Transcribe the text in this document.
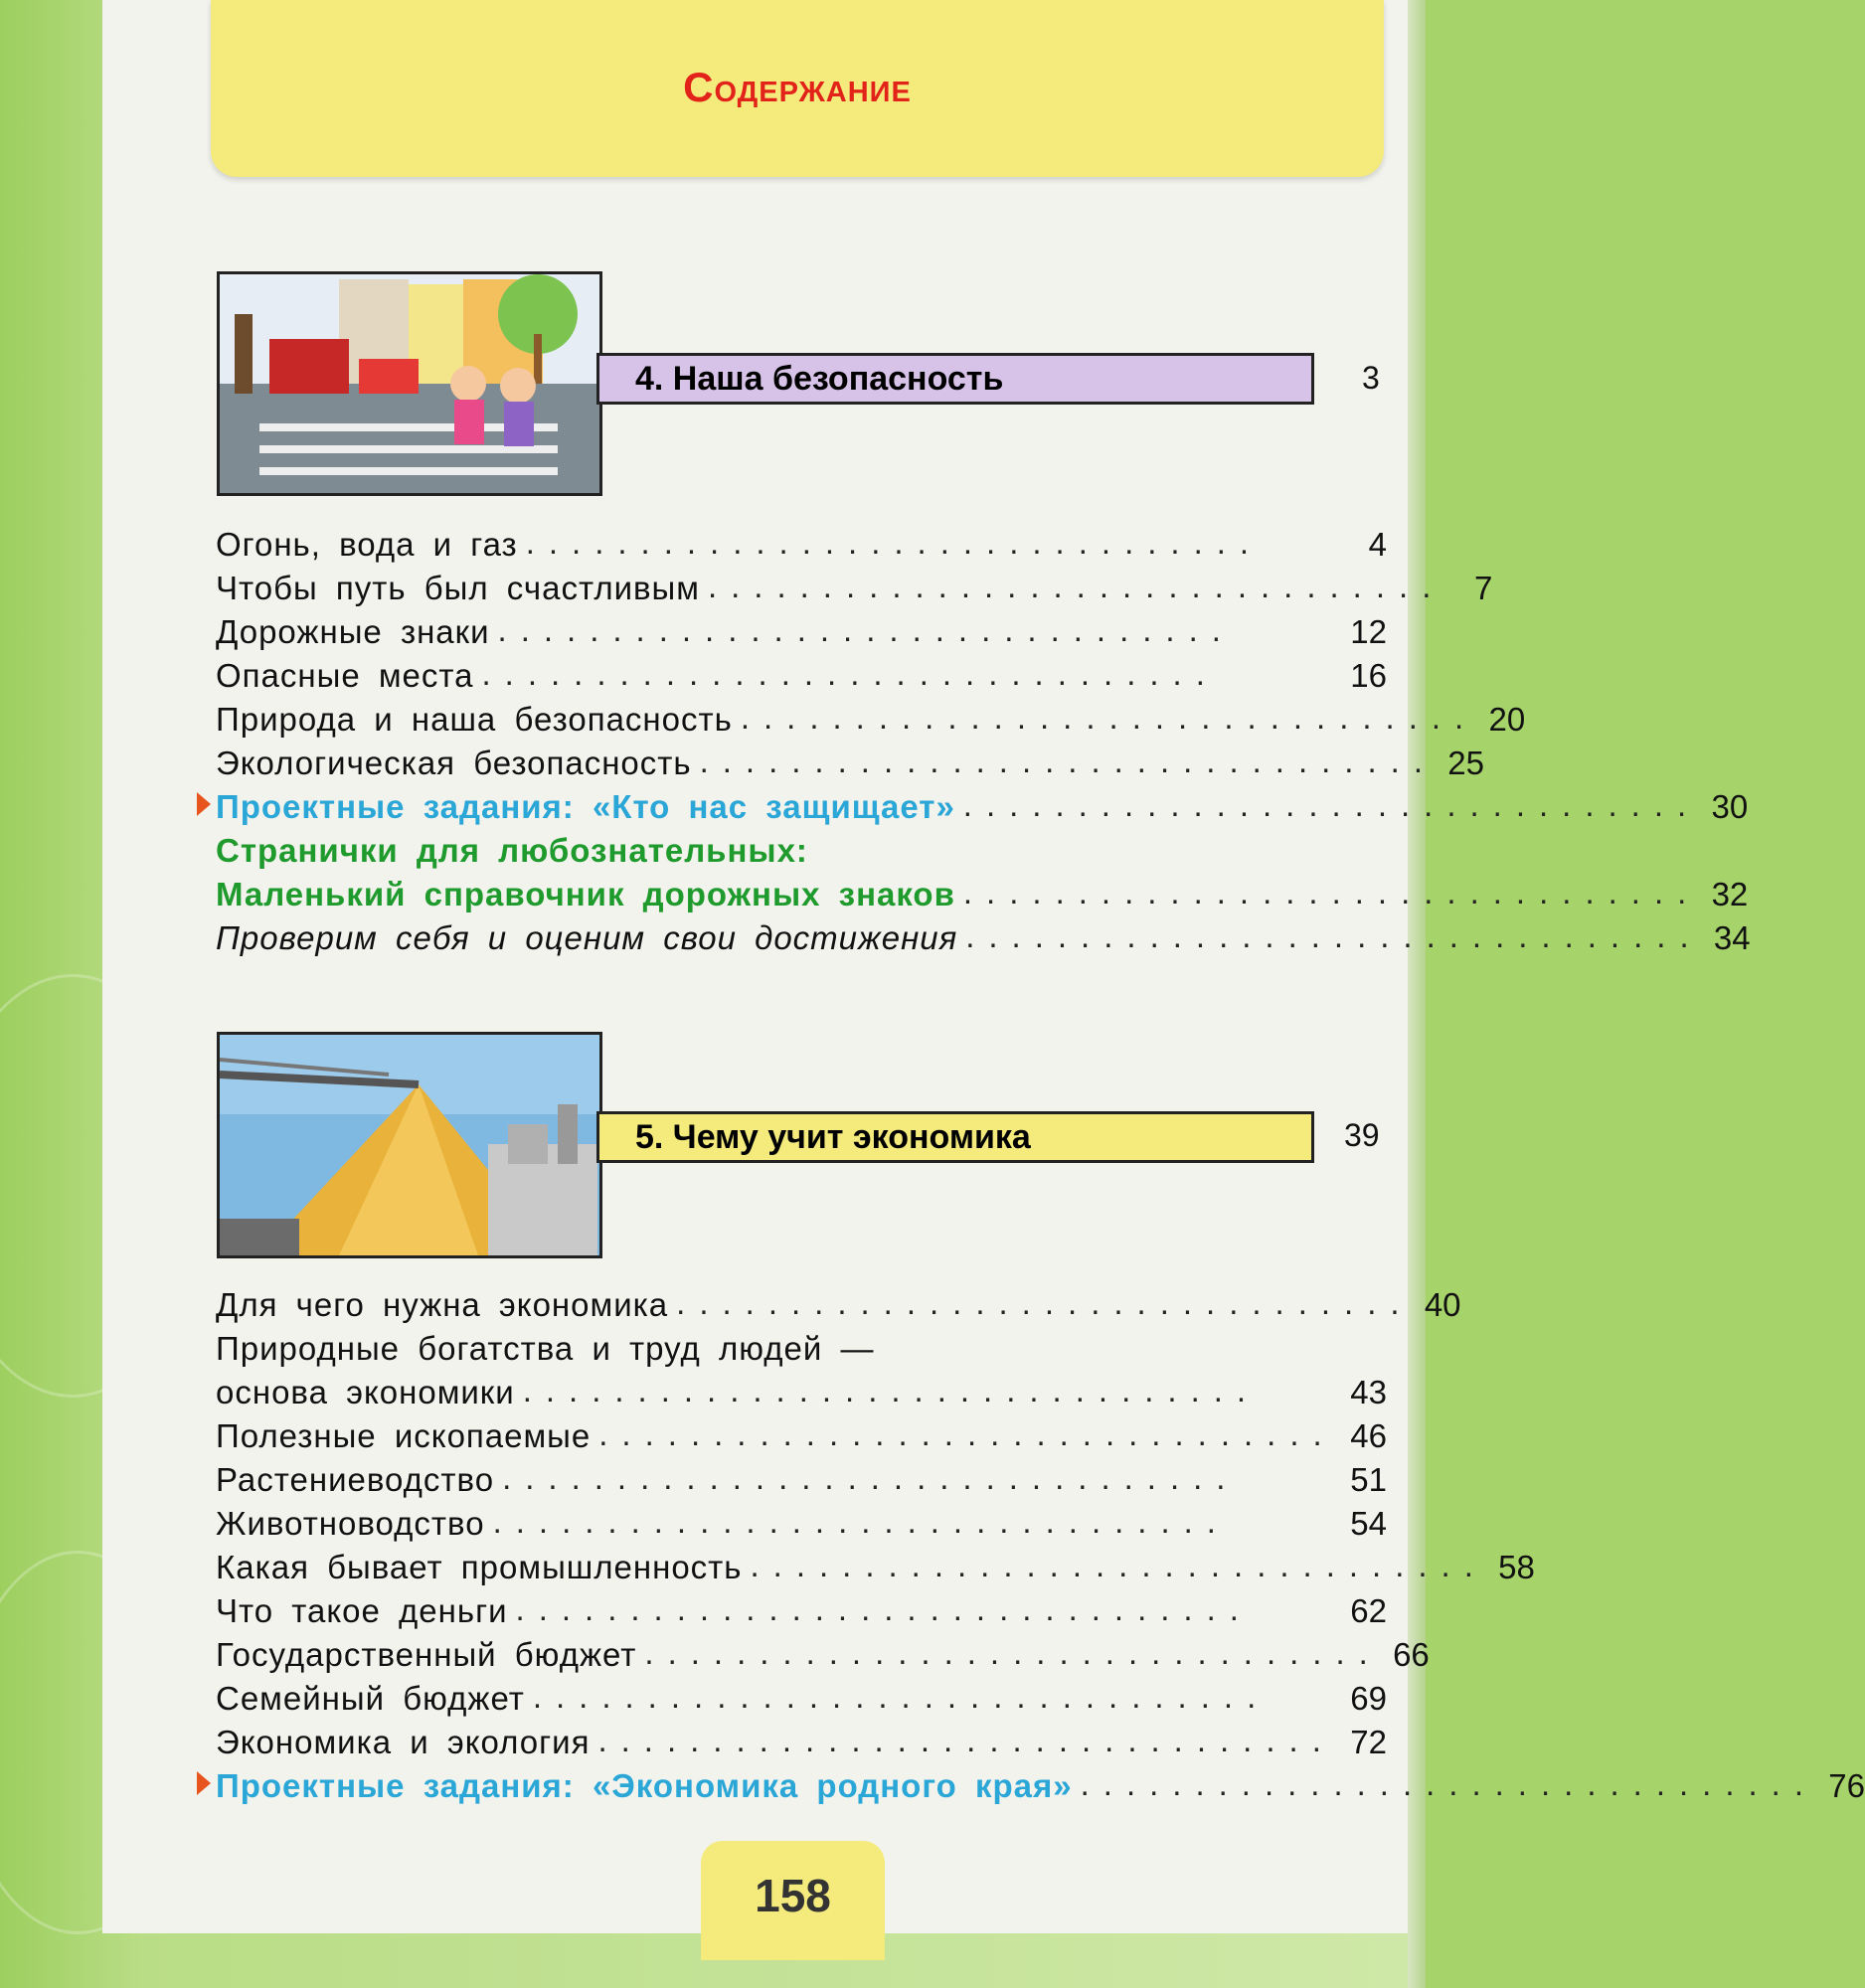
Содержание
4. Наша безопасность	3
Огонь, вода и газ ................................	4
Чтобы путь был счастливым ................................ 7
Дорожные знаки ................................	12
Опасные места ................................	16
Природа и наша безопасность ................................ 20
Экологическая безопасность ................................ 25
Проектные задания: «Кто нас защищает» ................................ 30
Странички для любознательных:
Маленький справочник дорожных знаков ................................ 32
Проверим себя и оценим свои достижения ................................ 34
5. Чему учит экономика	39
Для чего нужна экономика ................................ 40
Природные богатства и труд людей —
основа экономики ................................	43
Полезные ископаемые ................................ 46
Растениеводство ................................	51
Животноводство ................................	54
Какая бывает промышленность ................................ 58
Что такое деньги ................................	62
Государственный бюджет ................................ 66
Семейный бюджет ................................	69
Экономика и экология ................................ 72
Проектные задания: «Экономика родного края» ................................ 76
158
